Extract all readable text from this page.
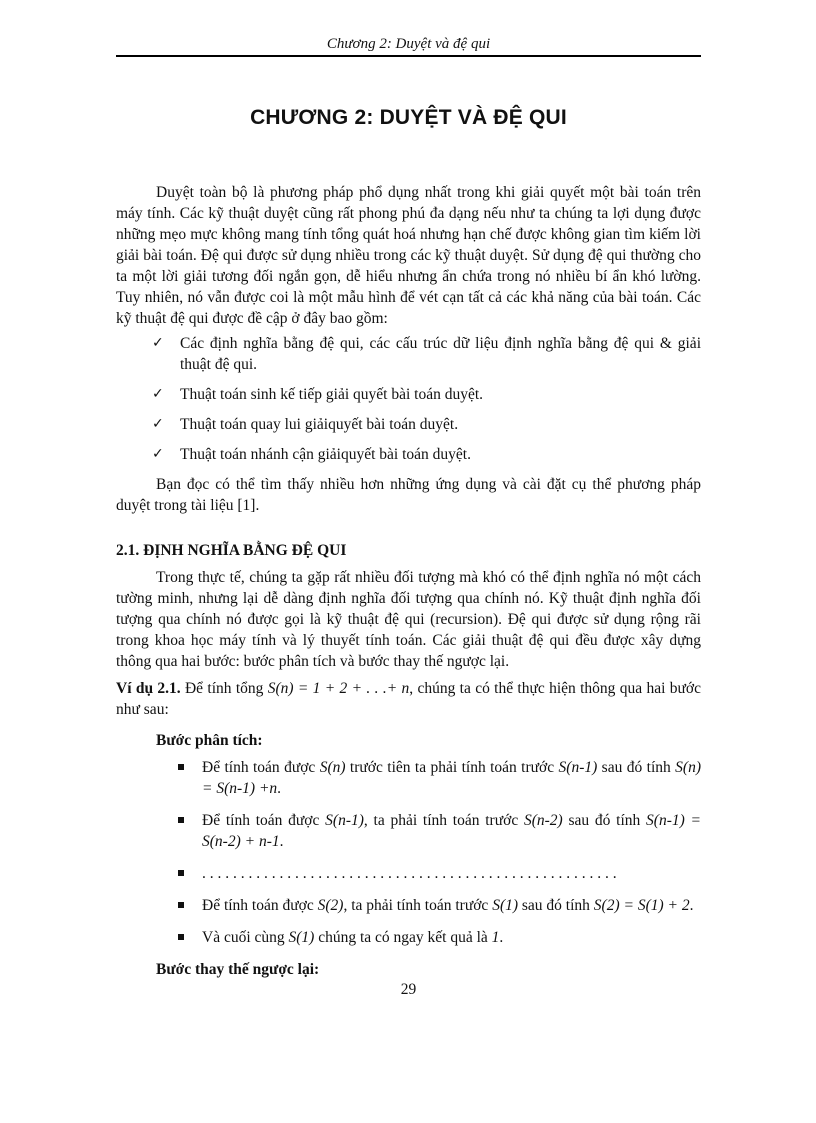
Chương 2: Duyệt và đệ qui
CHƯƠNG 2: DUYỆT VÀ ĐỆ QUI

Duyệt toàn bộ là phương pháp phổ dụng nhất trong khi giải quyết một bài toán trên máy tính. Các kỹ thuật duyệt cũng rất phong phú đa dạng nếu như ta chúng ta lợi dụng được những mẹo mực không mang tính tổng quát hoá nhưng hạn chế được không gian tìm kiếm lời giải bài toán. Đệ qui được sử dụng nhiều trong các kỹ thuật duyệt. Sử dụng đệ qui thường cho ta một lời giải tương đối ngắn gọn, dễ hiểu nhưng ẩn chứa trong nó nhiều bí ẩn khó lường. Tuy nhiên, nó vẫn được coi là một mẫu hình để vét cạn tất cả các khả năng của bài toán. Các kỹ thuật đệ qui được đề cập ở đây bao gồm:

✓ Các định nghĩa bằng đệ qui, các cấu trúc dữ liệu định nghĩa bằng đệ qui & giải thuật đệ qui.
✓ Thuật toán sinh kế tiếp giải quyết bài toán duyệt.
✓ Thuật toán quay lui giảiquyết bài toán duyệt.
✓ Thuật toán nhánh cận giảiquyết bài toán duyệt.

Bạn đọc có thể tìm thấy nhiều hơn những ứng dụng và cài đặt cụ thể phương pháp duyệt trong tài liệu [1].

2.1. ĐỊNH NGHĨA BẰNG ĐỆ QUI

Trong thực tế, chúng ta gặp rất nhiều đối tượng mà khó có thể định nghĩa nó một cách tường minh, nhưng lại dễ dàng định nghĩa đối tượng qua chính nó. Kỹ thuật định nghĩa đối tượng qua chính nó được gọi là kỹ thuật đệ qui (recursion). Đệ qui được sử dụng rộng rãi trong khoa học máy tính và lý thuyết tính toán. Các giải thuật đệ qui đều được xây dựng thông qua hai bước: bước phân tích và bước thay thế ngược lại.

Ví dụ 2.1. Để tính tổng S(n) = 1 + 2 + . . .+ n, chúng ta có thể thực hiện thông qua hai bước như sau:

Bước phân tích:
Để tính toán được S(n) trước tiên ta phải tính toán trước S(n-1) sau đó tính S(n) = S(n-1) +n.
Để tính toán được S(n-1), ta phải tính toán trước S(n-2) sau đó tính S(n-1) = S(n-2) + n-1.
. . . . . . . . . . . . . . . . . . . . . . . . . . . . . . . . . . . . . . . . . . . . . . . . . . . . . .
Để tính toán được S(2), ta phải tính toán trước S(1) sau đó tính S(2) = S(1) + 2.
Và cuối cùng S(1) chúng ta có ngay kết quả là 1.
Bước thay thế ngược lại:
29
